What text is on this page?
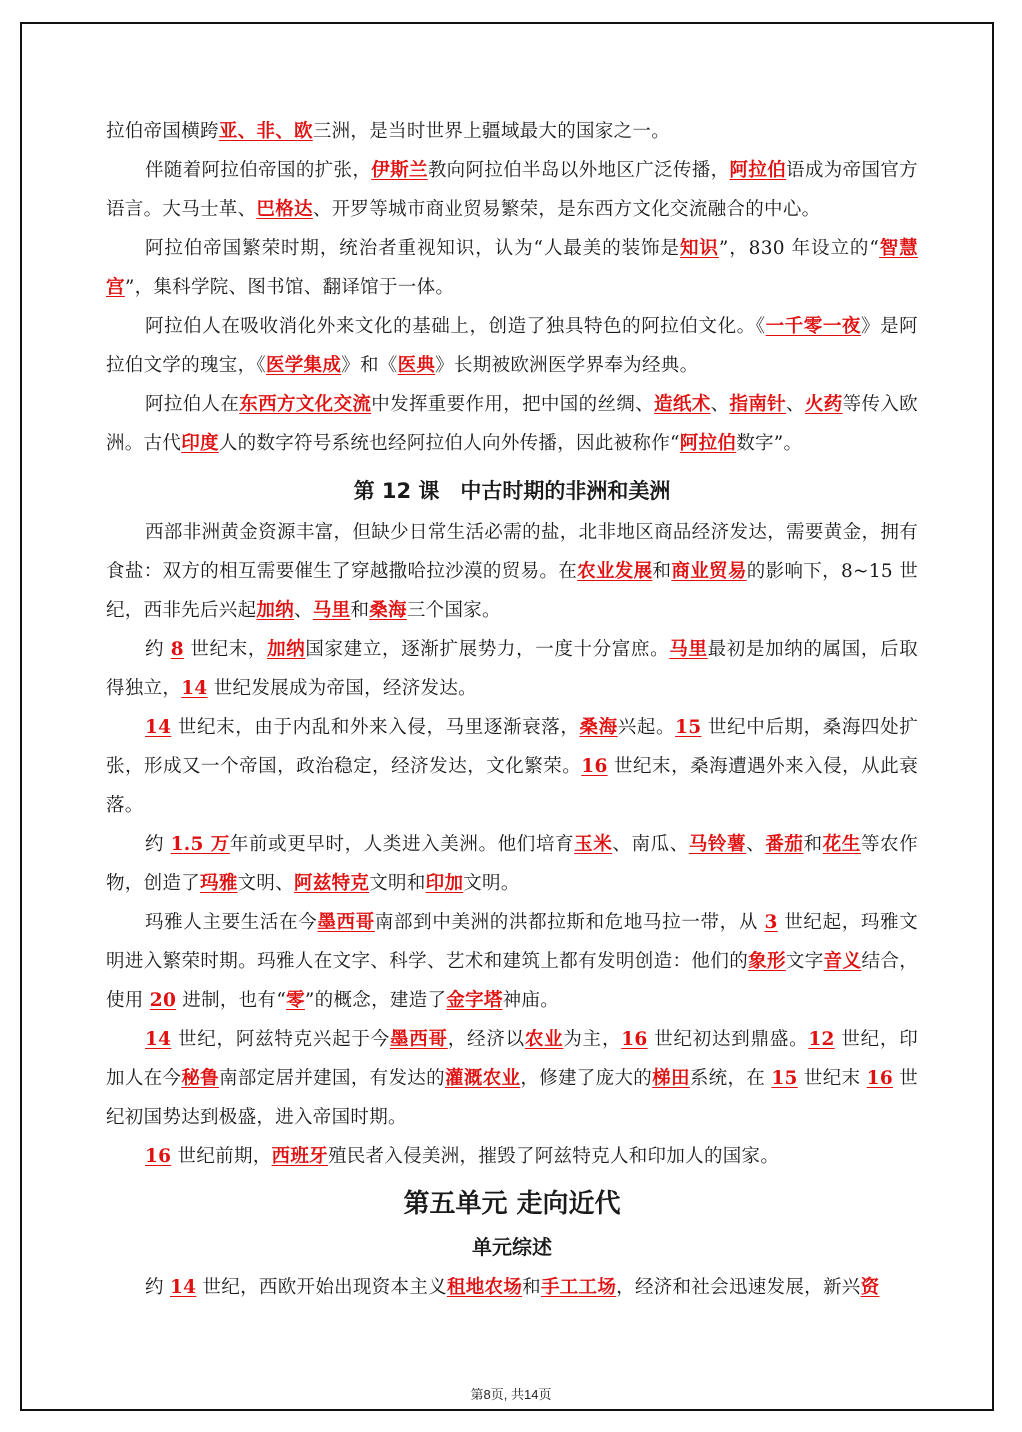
拉伯帝国横跨亚、非、欧三洲，是当时世界上疆域最大的国家之一。

伴随着阿拉伯帝国的扩张，伊斯兰教向阿拉伯半岛以外地区广泛传播，阿拉伯语成为帝国官方语言。大马士革、巴格达、开罗等城市商业贸易繁荣，是东西方文化交流融合的中心。

阿拉伯帝国繁荣时期，统治者重视知识，认为“人最美的装饰是知识”，830 年设立的“智慧宫”，集科学院、图书馆、翻译馆于一体。

阿拉伯人在吸收消化外来文化的基础上，创造了独具特色的阿拉伯文化。《一千零一夜》是阿拉伯文学的瑰宝，《医学集成》和《医典》长期被欧洲医学界奉为经典。

阿拉伯人在东西方文化交流中发挥重要作用，把中国的丝绸、造纸术、指南针、火药等传入欧洲。古代印度人的数字符号系统也经阿拉伯人向外传播，因此被称作“阿拉伯数字”。

第 12 课　中古时期的非洲和美洲

西部非洲黄金资源丰富，但缺少日常生活必需的盐，北非地区商品经济发达，需要黄金，拥有食盐：双方的相互需要催生了穿越撒哈拉沙漠的贸易。在农业发展和商业贸易的影响下，8~15 世纪，西非先后兴起加纳、马里和桑海三个国家。

约 8 世纪末，加纳国家建立，逐渐扩展势力，一度十分富庶。马里最初是加纳的属国，后取得独立，14 世纪发展成为帝国，经济发达。

14 世纪末，由于内乱和外来入侵，马里逐渐衰落，桑海兴起。15 世纪中后期，桑海四处扩张，形成又一个帝国，政治稳定，经济发达，文化繁荣。16 世纪末，桑海遭遇外来入侵，从此衰落。

约 1.5 万年前或更早时，人类进入美洲。他们培育玉米、南瓜、马铃薯、番茄和花生等农作物，创造了玛雅文明、阿兹特克文明和印加文明。

玛雅人主要生活在今墨西哥南部到中美洲的洪都拉斯和危地马拉一带，从 3 世纪起，玛雅文明进入繁荣时期。玛雅人在文字、科学、艺术和建筑上都有发明创造：他们的象形文字音义结合，使用 20 进制，也有“零”的概念，建造了金字塔神庙。

14 世纪，阿兹特克兴起于今墨西哥，经济以农业为主，16 世纪初达到鼎盛。12 世纪，印加人在今秘鲁南部定居并建国，有发达的灌溉农业，修建了庞大的梯田系统，在 15 世纪末 16 世纪初国势达到极盛，进入帝国时期。

16 世纪前期，西班牙殖民者入侵美洲，摧毁了阿兹特克人和印加人的国家。

第五单元 走向近代
单元综述

约 14 世纪，西欧开始出现资本主义租地农场和手工工场，经济和社会迅速发展，新兴资

第8页, 共14页
